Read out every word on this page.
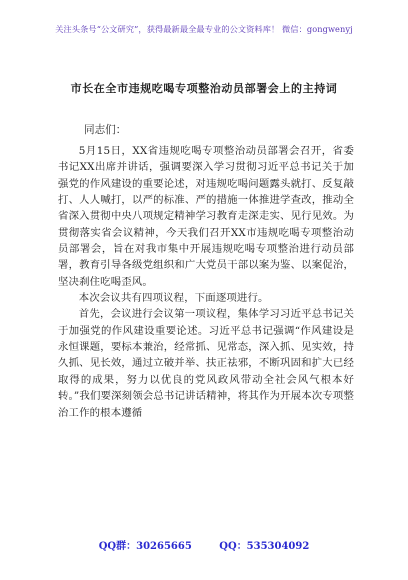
关注头条号“公文研究”，获得最新最全最专业的公文资料库！ 微信：gongwenyj
市长在全市违规吃喝专项整治动员部署会上的主持词
同志们：

5月15日，XX省违规吃喝专项整治动员部署会召开，省委书记XX出席并讲话，强调要深入学习贯彻习近平总书记关于加强党的作风建设的重要论述，对违规吃喝问题露头就打、反复敲打、人人喊打，以严的标准、严的措施一体推进学查改，推动全省深入贯彻中央八项规定精神学习教育走深走实、见行见效。为贯彻落实省会议精神，今天我们召开XX市违规吃喝专项整治动员部署会，旨在对我市集中开展违规吃喝专项整治进行动员部署，教育引导各级党组织和广大党员干部以案为鉴、以案促治，坚决刹住吃喝歪风。

本次会议共有四项议程，下面逐项进行。

首先，会议进行会议第一项议程，集体学习习近平总书记关于加强党的作风建设重要论述。习近平总书记强调“作风建设是永恒课题，要标本兼治，经常抓、见常态，深入抓、见实效，持久抓、见长效，通过立破并举、扶正祛邪，不断巩固和扩大已经取得的成果，努力以优良的党风政风带动全社会风气根本好转。”我们要深刻领会总书记讲话精神，将其作为开展本次专项整治工作的根本遵循

QQ群：30265665	QQ：535304092
